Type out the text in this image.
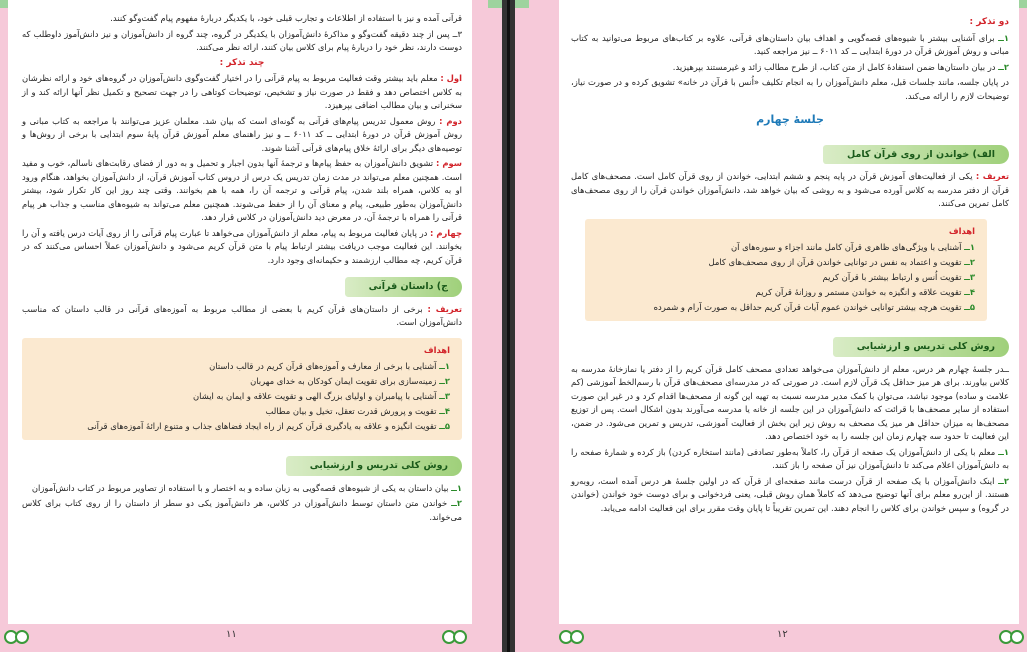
قرآنی آمده و نیز با استفاده از اطلاعات و تجارب قبلی خود، با یکدیگر دربارهٔ مفهوم پیام گفت‌وگو کنند.

۳ــ پس از چند دقیقه گفت‌وگو و مذاکرهٔ دانش‌آموزان با یکدیگر در گروه، چند گروه از دانش‌آموزان و نیز دانش‌آموز داوطلب که دوست دارند، نظر خود را دربارهٔ پیام برای کلاس بیان کنند، ارائه نظر می‌کنند.

چند تذکر :

اول : معلم باید بیشتر وقت فعالیت مربوط به پیام قرآنی را در اختیار گفت‌وگوی دانش‌آموزان در گروه‌های خود و ارائه نظرشان به کلاس اختصاص دهد و فقط در صورت نیاز و تشخیص، توضیحات کوتاهی را در جهت تصحیح و تکمیل نظر آنها ارائه کند و از سخنرانی و بیان مطالب اضافی بپرهیزد.

دوم : روش معمول تدریس پیام‌های قرآنی به گونه‌ای است که بیان شد. معلمان عزیز می‌توانند با مراجعه به کتاب مبانی و روش آموزش قرآن در دورهٔ ابتدایی ــ کد ۶۰۱۱ ــ و نیز راهنمای معلم آموزش قرآن پایهٔ سوم ابتدایی با برخی از روش‌ها و توصیه‌های دیگر برای ارائهٔ خلاق پیام‌های قرآنی آشنا شوند.

سوم : تشویق دانش‌آموزان به حفظ پیام‌ها و ترجمهٔ آنها بدون اجبار و تحمیل و به دور از فضای رقابت‌های ناسالم، خوب و مفید است. همچنین معلم می‌تواند در مدت زمان تدریس یک درس از دروس کتاب آموزش قرآن، از دانش‌آموزان بخواهد، هنگام ورود او به کلاس، همراه بلند شدن، پیام قرآنی و ترجمه آن را، همه با هم بخوانند. وقتی چند روز این کار تکرار شود، بیشتر دانش‌آموزان به‌طور طبیعی، پیام و معنای آن را از حفظ می‌شوند. همچنین معلم می‌تواند به شیوه‌های مناسب و جذاب هر پیام قرآنی را همراه با ترجمهٔ آن، در معرض دید دانش‌آموزان در کلاس قرار دهد.

چهارم : در پایان فعالیت مربوط به پیام، معلم از دانش‌آموزان می‌خواهد تا عبارت پیام قرآنی را از روی آیات درس یافته و آن را بخوانند. این فعالیت موجب دریافت بیشتر ارتباط پیام با متن قرآن کریم می‌شود و دانش‌آموزان عملاً احساس می‌کنند که در قرآن کریم، چه مطالب ارزشمند و حکیمانه‌ای وجود دارد.

ج) داستان قرآنی

تعریف : برخی از داستان‌های قرآن کریم با بعضی از مطالب مربوط به آموزه‌های قرآنی در قالب داستان که مناسب دانش‌آموزان است.

اهداف
۱ــ آشنایی با برخی از معارف و آموزه‌های قرآن کریم در قالب داستان
۲ــ زمینه‌سازی برای تقویت ایمان کودکان به خدای مهربان
۳ــ آشنایی با پیامبران و اولیای بزرگ الهی و تقویت علاقه و ایمان به ایشان
۴ــ تقویت و پرورش قدرت تعقل، تخیل و بیان مطالب
۵ــ تقویت انگیزه و علاقه به یادگیری قرآن کریم از راه ایجاد فضاهای جذاب و متنوع ارائهٔ آموزه‌های قرآنی
روش کلی تدریس و ارزشیابی

۱ــ بیان داستان به یکی از شیوه‌های قصه‌گویی به زبان ساده و به اختصار و با استفاده از تصاویر مربوط در کتاب دانش‌آموزان

۲ــ خواندن متن داستان توسط دانش‌آموزان در کلاس، هر دانش‌آموز یکی دو سطر از داستان را از روی کتاب برای کلاس می‌خواند.

۱۱
دو تذکر :

۱ــ برای آشنایی بیشتر با شیوه‌های قصه‌گویی و اهداف بیان داستان‌های قرآنی، علاوه بر کتاب‌های مربوط می‌توانید به کتاب مبانی و روش آموزش قرآن در دورهٔ ابتدایی ــ کد ۶۰۱۱ ــ نیز مراجعه کنید.

۲ــ در بیان داستان‌ها ضمن استفادهٔ کامل از متن کتاب، از طرح مطالب زائد و غیرمستند بپرهیزید.

در پایان جلسه، مانند جلسات قبل، معلم دانش‌آموزان را به انجام تکلیف «اُنس با قرآن در خانه» تشویق کرده و در صورت نیاز، توضیحات لازم را ارائه می‌کند.

جلسهٔ چهارم
الف) خواندن از روی قرآن کامل

تعریف : یکی از فعالیت‌های آموزش قرآن در پایه پنجم و ششم ابتدایی، خواندن از روی قرآن کامل است. مصحف‌های کامل قرآن از دفتر مدرسه به کلاس آورده می‌شود و به روشی که بیان خواهد شد، دانش‌آموزان خواندن قرآن را از روی مصحف‌های کامل تمرین می‌کنند.

اهداف
۱ــ آشنایی با ویژگی‌های ظاهری قرآن کامل مانند اجزاء و سوره‌های آن
۲ــ تقویت و اعتماد به نفس در توانایی خواندن قرآن از روی مصحف‌های کامل
۳ــ تقویت اُنس و ارتباط بیشتر با قرآن کریم
۴ــ تقویت علاقه و انگیزه به خواندن مستمر و روزانهٔ قرآن کریم
۵ــ تقویت هرچه بیشتر توانایی خواندن عموم آیات قرآن کریم حداقل به صورت آرام و شمرده
روش کلی تدریس و ارزشیابی

ــدر جلسهٔ چهارم هر درس، معلم از دانش‌آموزان می‌خواهد تعدادی مصحف کامل قرآن کریم را از دفتر یا نمازخانهٔ مدرسه به کلاس بیاورند. برای هر میز حداقل یک قرآن لازم است. در صورتی که در مدرسه‌ای مصحف‌های قرآن با رسم‌الخط آموزشی (کم علامت و ساده) موجود نباشد، می‌توان با کمک مدیر مدرسه نسبت به تهیه این گونه از مصحف‌ها اقدام کرد و در غیر این صورت استفاده از سایر مصحف‌ها با قرائت که دانش‌آموزان در این جلسه از خانه یا مدرسه می‌آورند بدون اشکال است. پس از توزیع مصحف‌ها به میزان حداقل هر میز یک مصحف به روش زیر این بخش از فعالیت آموزشی، تدریس و تمرین می‌شود. در ضمن، این فعالیت تا حدود سه چهارم زمان این جلسه را به خود اختصاص دهد.

۱ــ معلم با یکی از دانش‌آموزان یک صفحه از قرآن را، کاملاً به‌طور تصادفی (مانند استخاره کردن) باز کرده و شمارهٔ صفحه را به دانش‌آموزان اعلام می‌کند تا دانش‌آموزان نیز آن صفحه را باز کنند.

۲ــ اینک دانش‌آموزان با یک صفحه از قرآن درست مانند صفحه‌ای از قرآن که در اولین جلسهٔ هر درس آمده است، روبه‌رو هستند. از این‌رو معلم برای آنها توضیح می‌دهد که کاملاً همان روش قبلی، یعنی فردخوانی و برای دوست خود خواندن (خواندن در گروه) و سپس خواندن برای کلاس را انجام دهند. این تمرین تقریباً تا پایان وقت مقرر برای این فعالیت ادامه می‌یابد.

۱۲
